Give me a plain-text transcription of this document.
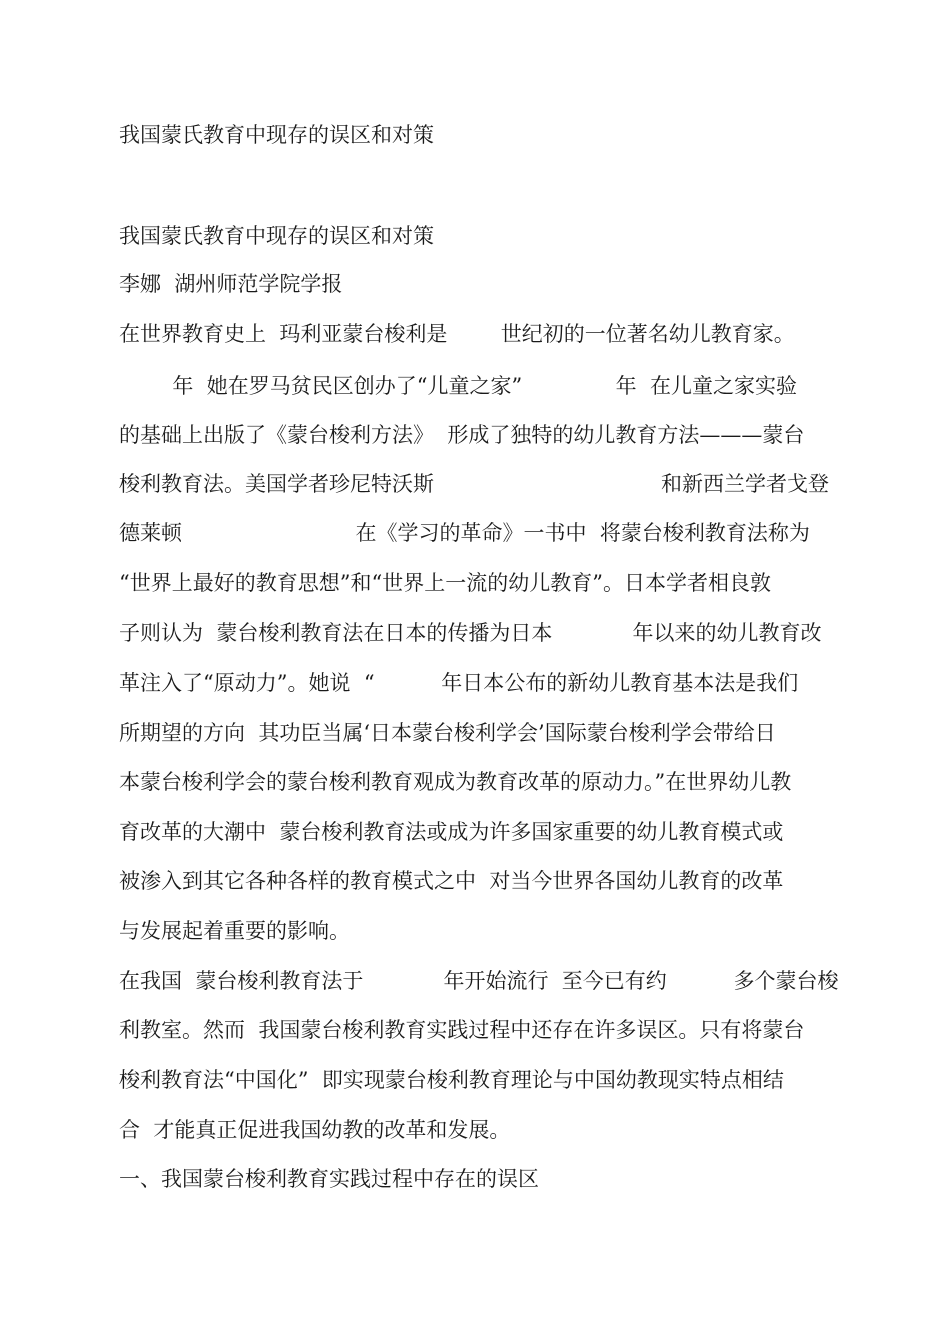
我国蒙氏教育中现存的误区和对策
我国蒙氏教育中现存的误区和对策
李娜  湖州师范学院学报
在世界教育史上  玛利亚蒙台梭利是        世纪初的一位著名幼儿教育家。
年  她在罗马贫民区创办了“儿童之家”              年  在儿童之家实验
的基础上出版了《蒙台梭利方法》  形成了独特的幼儿教育方法———蒙台
梭利教育法。美国学者珍尼特沃斯                                  和新西兰学者戈登
德莱顿                          在《学习的革命》一书中  将蒙台梭利教育法称为
“世界上最好的教育思想”和“世界上一流的幼儿教育”。日本学者相良敦
子则认为  蒙台梭利教育法在日本的传播为日本            年以来的幼儿教育改
革注入了“原动力”。她说  “          年日本公布的新幼儿教育基本法是我们
所期望的方向  其功臣当属‘日本蒙台梭利学会’国际蒙台梭利学会带给日
本蒙台梭利学会的蒙台梭利教育观成为教育改革的原动力。”在世界幼儿教
育改革的大潮中  蒙台梭利教育法或成为许多国家重要的幼儿教育模式或
被渗入到其它各种各样的教育模式之中  对当今世界各国幼儿教育的改革
与发展起着重要的影响。
在我国  蒙台梭利教育法于            年开始流行  至今已有约          多个蒙台梭
利教室。然而  我国蒙台梭利教育实践过程中还存在许多误区。只有将蒙台
梭利教育法“中国化”  即实现蒙台梭利教育理论与中国幼教现实特点相结
合  才能真正促进我国幼教的改革和发展。
一、我国蒙台梭利教育实践过程中存在的误区
